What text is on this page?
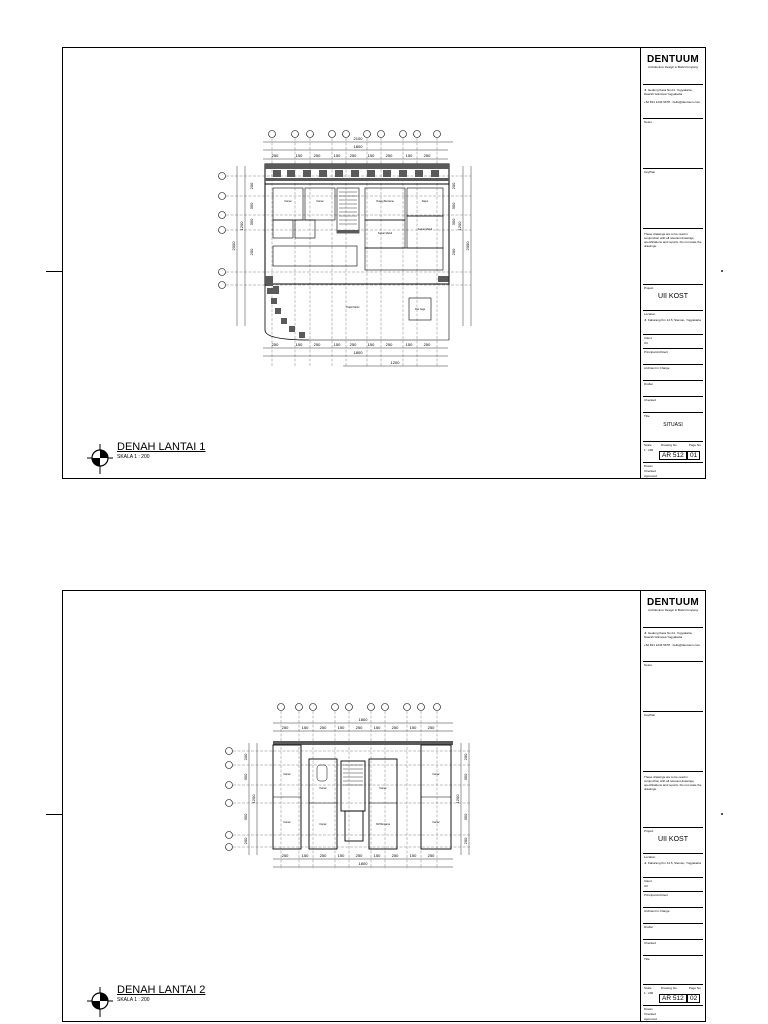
Kamar	Kamar	Ruang Bersama	Dapur
Kamar Mandi
Kamar Mandi
Parkir Motor
Pos Jaga
2100
1800
250	150	250	150 250	150	250	150	250
250	150	250	150 250	150	250	150	250
1800
1200
2000
1200
2000
1200
200
350
350
200
200
350
350
200
DENAH LANTAI 1
SKALA 1 : 200
DENTUUM
Architecture Design & Build Company
Jl. Gedung Kaca No.01, Yogyakarta, Daerah Istimewa Yogyakarta
+62 821 1234 5678 · hello@dentuum.com
Notes
KeyPlan
These drawings are to be read in conjunction with all relevant drawings, specifications and reports. Do not scale the drawings.
Project
UII KOST
Location
Jl. Kaliurang Km 14.5, Sleman, Yogyakarta
Client
UII
Principal Architect
Architect in Charge
Drafter
Checked
Title
SITUASI
Scale	Drawing No.	Page No.
1 : 200
AR 512 01
Drawn
Checked
Approved
Kamar
Kamar	Kamar
Kamar
Kamar
Kamar	KM Bersama
Kamar
1800
250	150	250	150	250	150	250	150	250
250	150	250	150	250	150	250	150	250
1800
200
350
350
200
1200
200
350
350
200
1200
DENAH LANTAI 2
SKALA 1 : 200
DENTUUM
Architecture Design & Build Company
Jl. Gedung Kaca No.01, Yogyakarta, Daerah Istimewa Yogyakarta
+62 821 1234 5678 · hello@dentuum.com
Notes
KeyPlan
These drawings are to be read in conjunction with all relevant drawings, specifications and reports. Do not scale the drawings.
Project
UII KOST
Location
Jl. Kaliurang Km 14.5, Sleman, Yogyakarta
Client
UII
Principal Architect
Architect in Charge
Drafter
Checked
Title
Scale	Drawing No.	Page No.
1 : 200
AR 512 02
Drawn
Checked
Approved
